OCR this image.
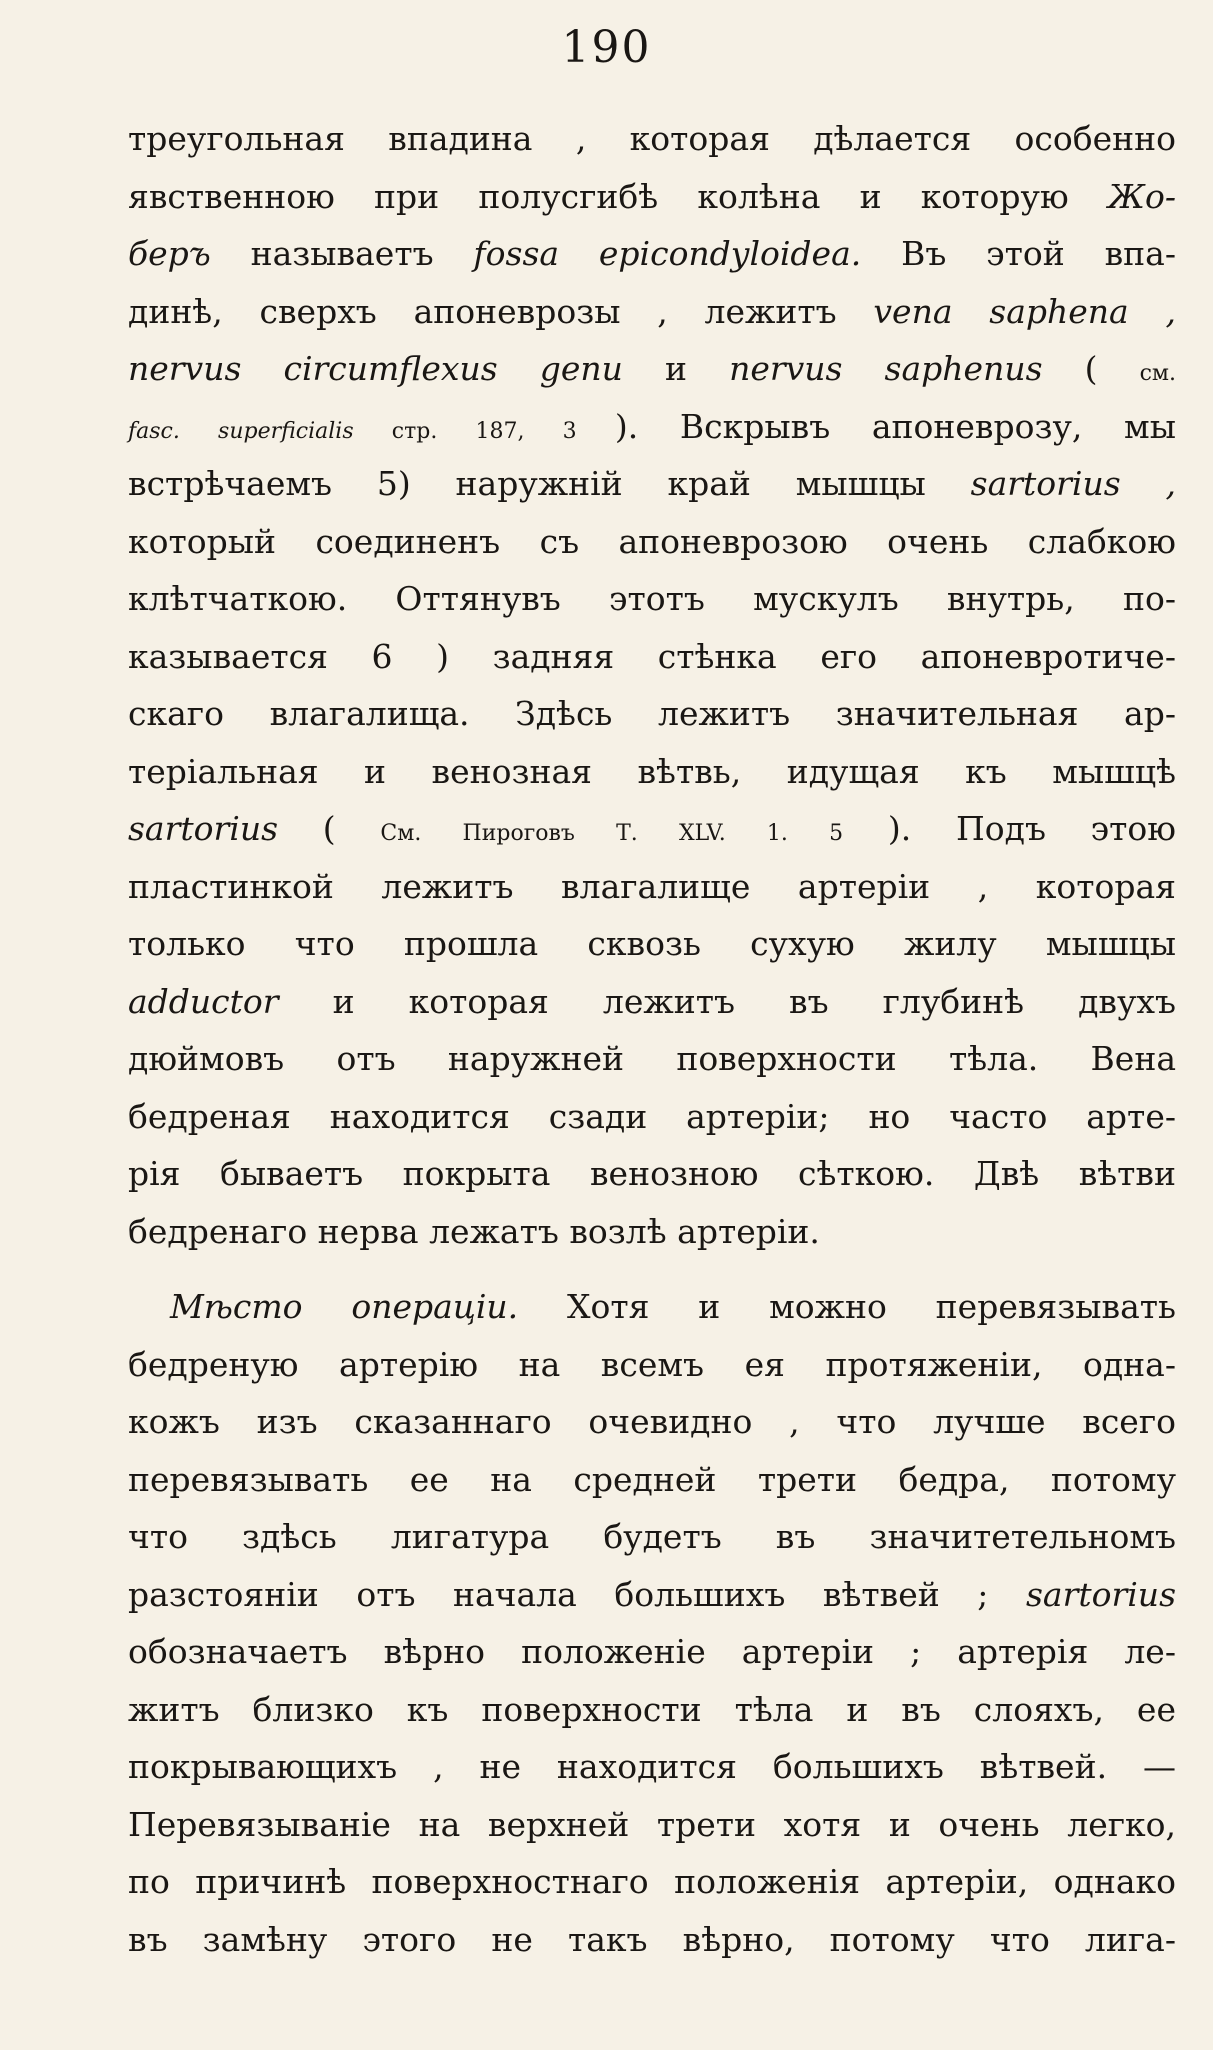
190
треугольная впадина , которая дѣлается особенно
явственною при полусгибѣ колѣна и которую Жо-
беръ называетъ fossa epicondyloidea. Въ этой впа-
динѣ, сверхъ апоневрозы , лежитъ vena saphena ,
nervus circumflexus genu и nervus saphenus ( см.
fasc. superficialis стр. 187, 3 ). Вскрывъ апоневрозу, мы
встрѣчаемъ 5) наружній край мышцы sartorius ,
который соединенъ съ апоневрозою очень слабкою
клѣтчаткою. Оттянувъ этотъ мускулъ внутрь, по-
казывается 6 ) задняя стѣнка его апоневротиче-
скаго влагалища. Здѣсь лежитъ значительная ар-
теріальная и венозная вѣтвь, идущая къ мышцѣ
sartorius ( См. Пироговъ Т. XLV. 1. 5 ). Подъ этою
пластинкой лежитъ влагалище артеріи , которая
только что прошла сквозь сухую жилу мышцы
adductor и которая лежитъ въ глубинѣ двухъ
дюймовъ отъ наружней поверхности тѣла. Вена
бедреная находится сзади артеріи; но часто арте-
рія бываетъ покрыта венозною сѣткою. Двѣ вѣтви
бедренаго нерва лежатъ возлѣ артеріи.
Мѣсто операціи. Хотя и можно перевязывать
бедреную артерію на всемъ ея протяженіи, одна-
кожъ изъ сказаннаго очевидно , что лучше всего
перевязывать ее на средней трети бедра, потому
что здѣсь лигатура будетъ въ значитетельномъ
разстояніи отъ начала большихъ вѣтвей ; sartorius
обозначаетъ вѣрно положеніе артеріи ; артерія ле-
житъ близко къ поверхности тѣла и въ слояхъ, ее
покрывающихъ , не находится большихъ вѣтвей. —
Перевязываніе на верхней трети хотя и очень легко,
по причинѣ поверхностнаго положенія артеріи, однако
въ замѣну этого не такъ вѣрно, потому что лига-
